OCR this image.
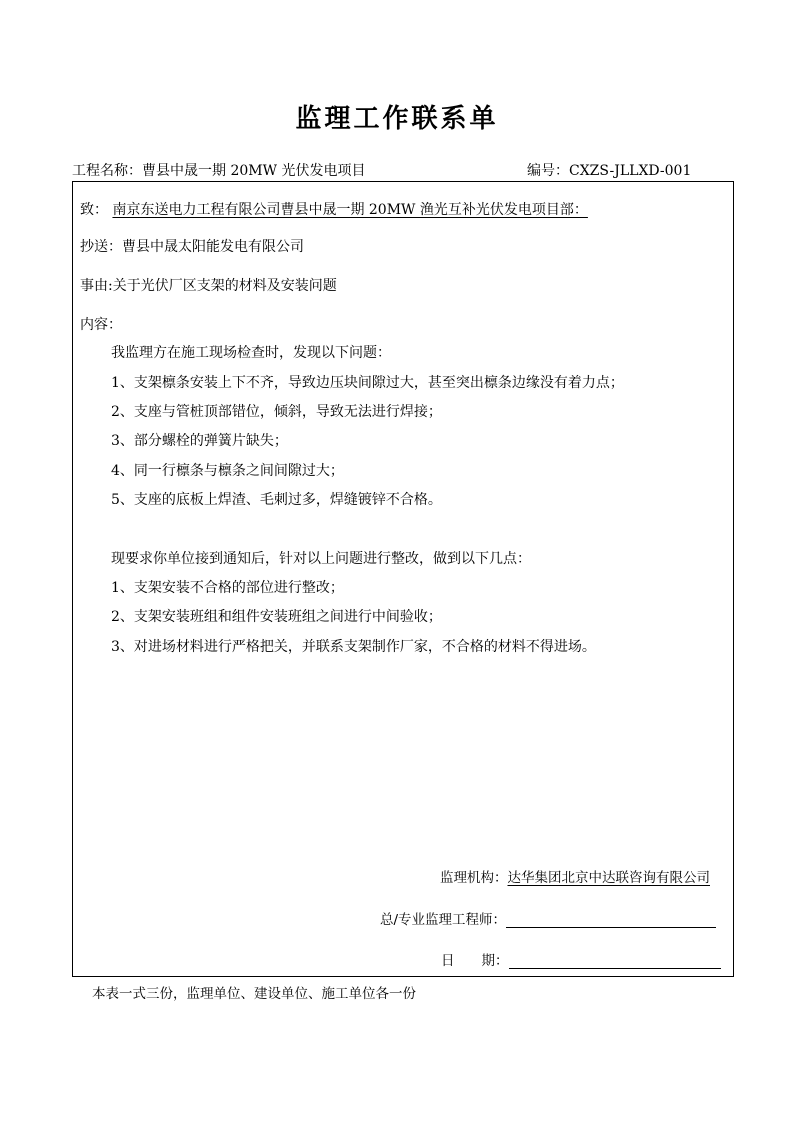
监理工作联系单
工程名称：曹县中晟一期 20MW 光伏发电项目	编号：CXZS-JLLXD-001
致： 南京东送电力工程有限公司曹县中晟一期 20MW 渔光互补光伏发电项目部：
抄送：曹县中晟太阳能发电有限公司
事由:关于光伏厂区支架的材料及安装问题
内容：
我监理方在施工现场检查时，发现以下问题：
1、支架檩条安装上下不齐，导致边压块间隙过大，甚至突出檩条边缘没有着力点；
2、支座与管桩顶部错位，倾斜，导致无法进行焊接；
3、部分螺栓的弹簧片缺失；
4、同一行檩条与檩条之间间隙过大；
5、支座的底板上焊渣、毛刺过多，焊缝镀锌不合格。
现要求你单位接到通知后，针对以上问题进行整改，做到以下几点：
1、支架安装不合格的部位进行整改；
2、支架安装班组和组件安装班组之间进行中间验收；
3、对进场材料进行严格把关，并联系支架制作厂家，不合格的材料不得进场。
监理机构：达华集团北京中达联咨询有限公司
总/专业监理工程师：
日　　期：
本表一式三份，监理单位、建设单位、施工单位各一份
